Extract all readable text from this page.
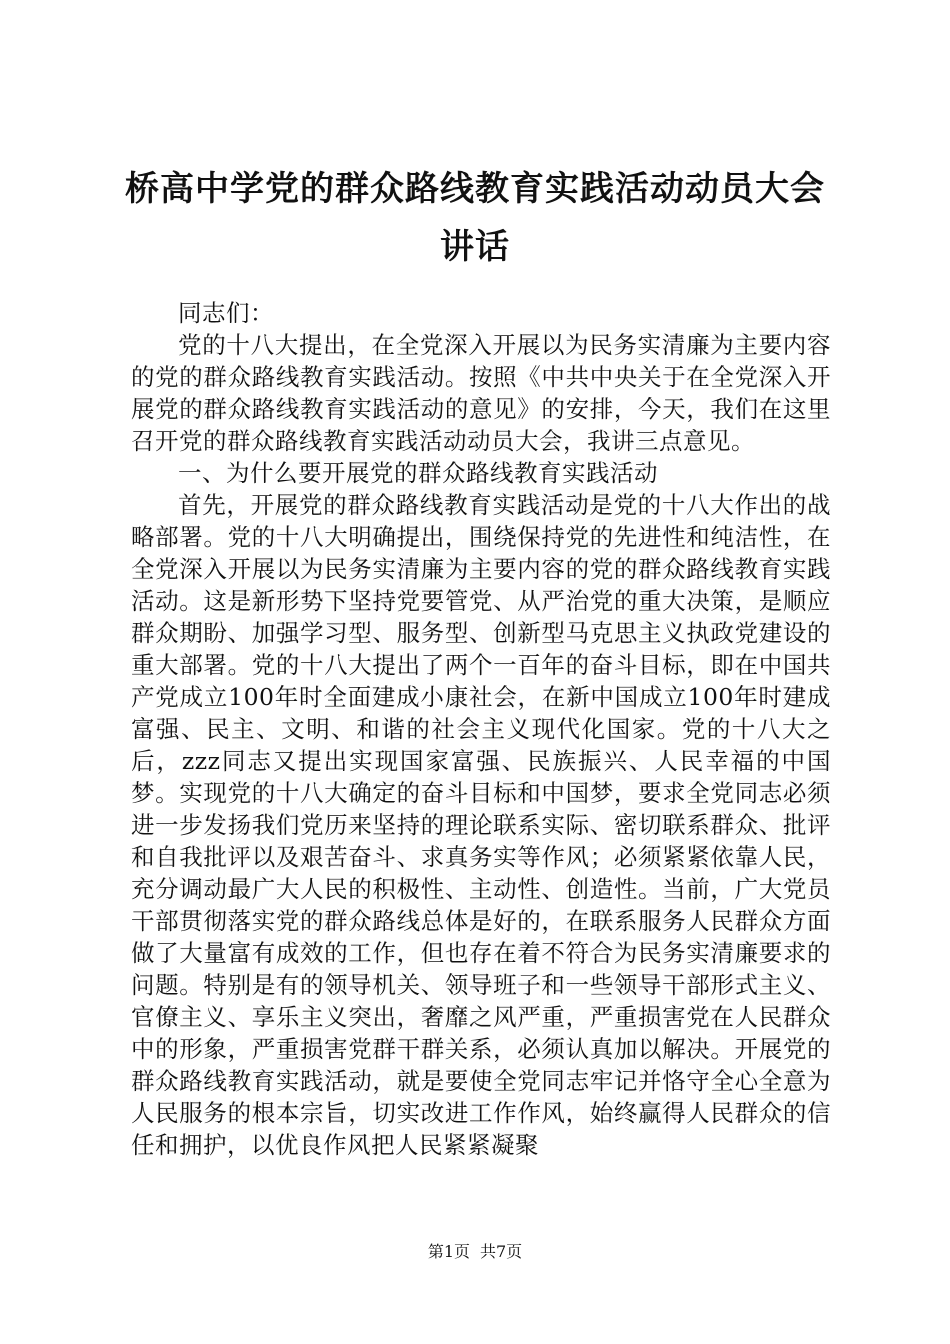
桥高中学党的群众路线教育实践活动动员大会讲话

同志们：

党的十八大提出，在全党深入开展以为民务实清廉为主要内容的党的群众路线教育实践活动。按照《中共中央关于在全党深入开展党的群众路线教育实践活动的意见》的安排，今天，我们在这里召开党的群众路线教育实践活动动员大会，我讲三点意见。

一、为什么要开展党的群众路线教育实践活动

首先，开展党的群众路线教育实践活动是党的十八大作出的战略部署。党的十八大明确提出，围绕保持党的先进性和纯洁性，在全党深入开展以为民务实清廉为主要内容的党的群众路线教育实践活动。这是新形势下坚持党要管党、从严治党的重大决策，是顺应群众期盼、加强学习型、服务型、创新型马克思主义执政党建设的重大部署。党的十八大提出了两个一百年的奋斗目标，即在中国共产党成立100年时全面建成小康社会，在新中国成立100年时建成富强、民主、文明、和谐的社会主义现代化国家。党的十八大之后，zzz同志又提出实现国家富强、民族振兴、人民幸福的中国梦。实现党的十八大确定的奋斗目标和中国梦，要求全党同志必须进一步发扬我们党历来坚持的理论联系实际、密切联系群众、批评和自我批评以及艰苦奋斗、求真务实等作风；必须紧紧依靠人民，充分调动最广大人民的积极性、主动性、创造性。当前，广大党员干部贯彻落实党的群众路线总体是好的，在联系服务人民群众方面做了大量富有成效的工作，但也存在着不符合为民务实清廉要求的问题。特别是有的领导机关、领导班子和一些领导干部形式主义、官僚主义、享乐主义突出，奢靡之风严重，严重损害党在人民群众中的形象，严重损害党群干群关系，必须认真加以解决。开展党的群众路线教育实践活动，就是要使全党同志牢记并恪守全心全意为人民服务的根本宗旨，切实改进工作作风，始终赢得人民群众的信任和拥护，以优良作风把人民紧紧凝聚

第1页 共7页
